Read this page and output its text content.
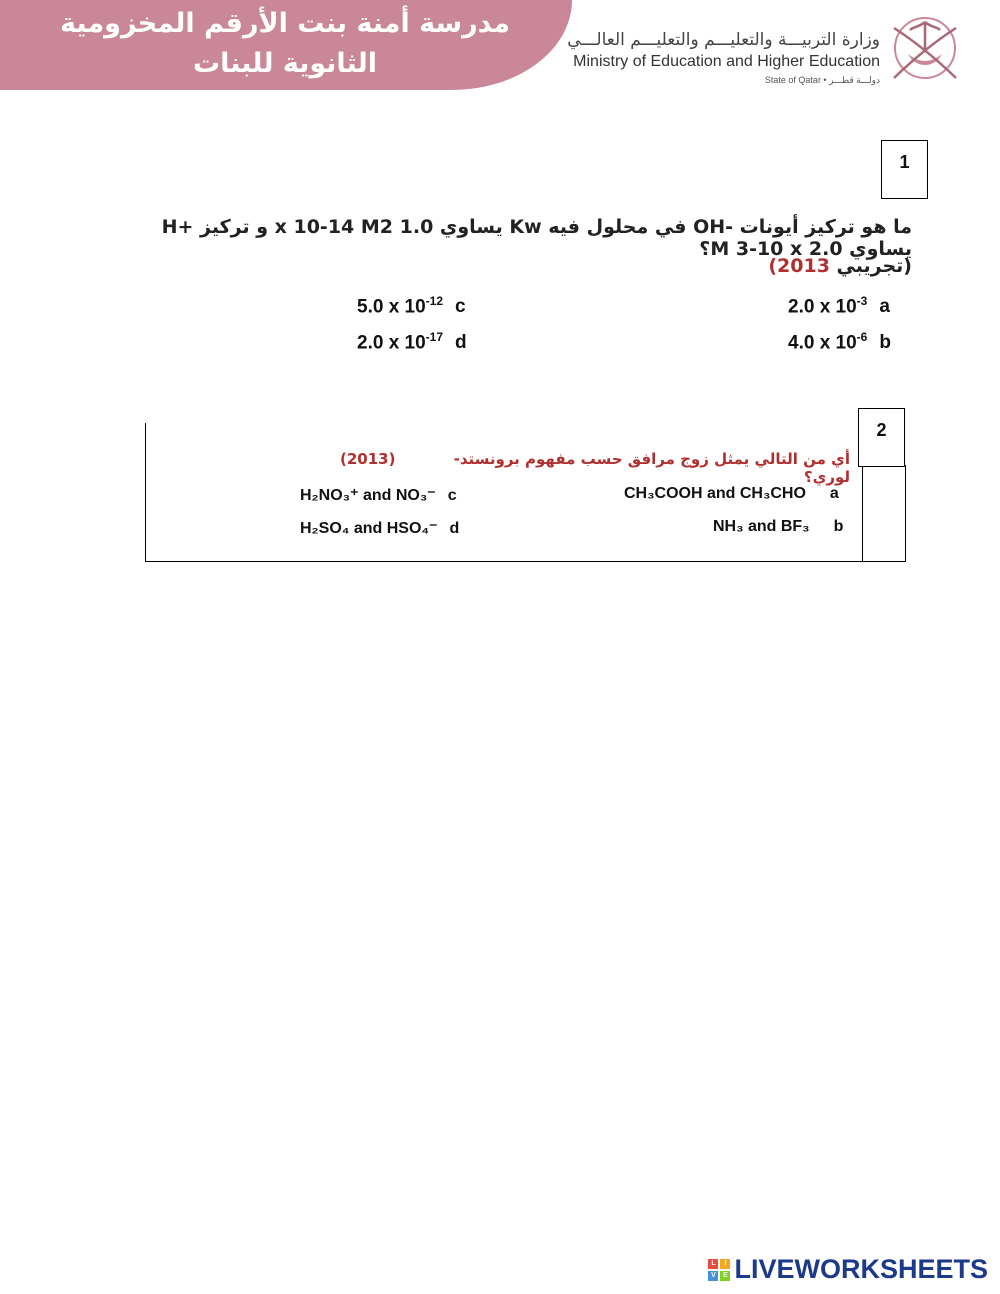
مدرسة أمنة بنت الأرقم المخزومية
الثانوية للبنات
وزارة التربيـــة والتعليـــم والتعليـــم العالـــي
Ministry of Education and Higher Education
State of Qatar • دولـــة قطـــر
1
ما هو تركيز أيونات -OH في محلول فيه Kw يساوي 1.0 x 10-14 M2 و تركيز +H يساوي M 3-10 x 2.0؟
(تجريبي 2013)
2.0 x $10^{-3}$ a
4.0 x $10^{-6}$ b
5.0 x $10^{-12}$ c
2.0 x $10^{-17}$ d
2
أي من التالي يمثل زوج مرافق حسب مفهوم برونستد-لوري؟
(2013)
CH₃COOH and CH₃CHO a
NH₃ and BF₃ b
H₂NO₃⁺ and NO₃⁻ c
H₂SO₄ and HSO₄⁻ d
L	I
V	E LIVEWORKSHEETS
